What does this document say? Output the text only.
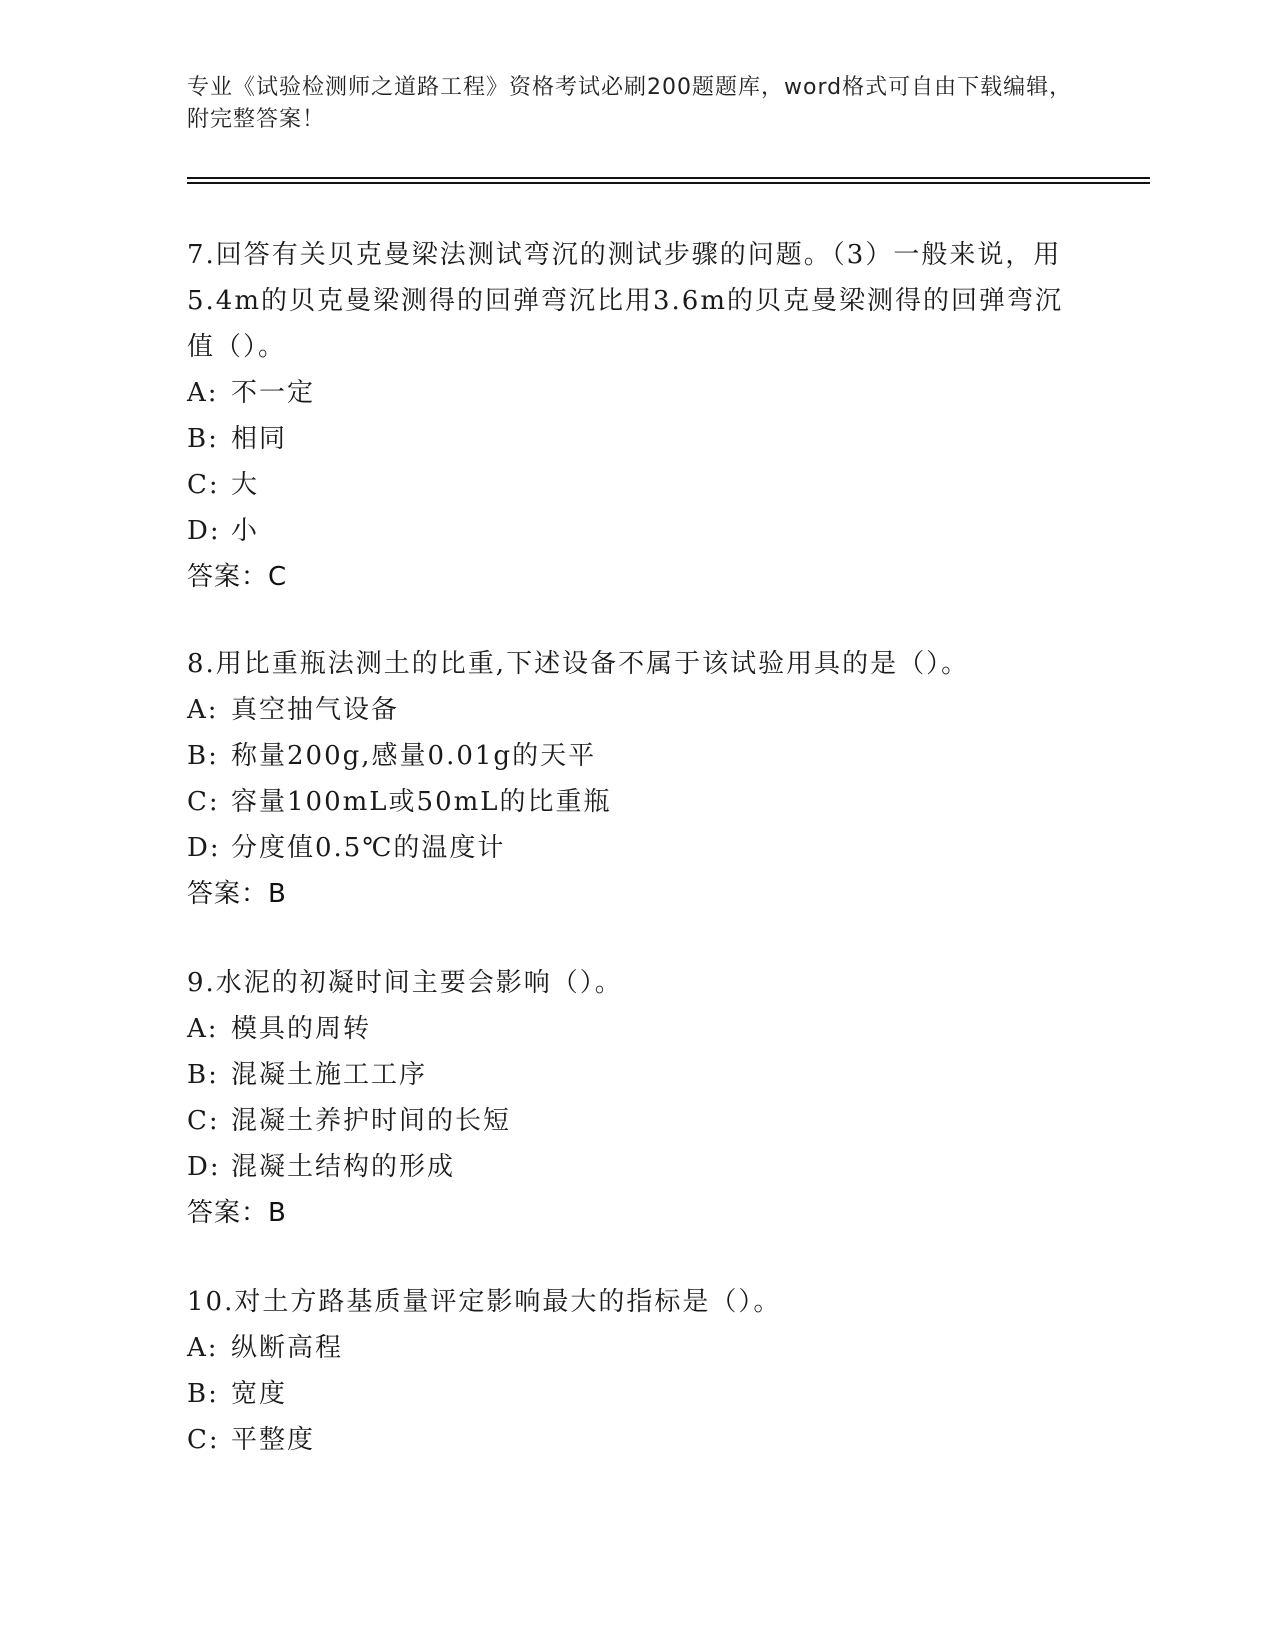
专业《试验检测师之道路工程》资格考试必刷200题题库，word格式可自由下载编辑，附完整答案！

7.回答有关贝克曼梁法测试弯沉的测试步骤的问题。（3）一般来说，用5.4m的贝克曼梁测得的回弹弯沉比用3.6m的贝克曼梁测得的回弹弯沉值（）。

A: 不一定
B: 相同
C: 大
D: 小
答案：C

8.用比重瓶法测土的比重,下述设备不属于该试验用具的是（）。

A: 真空抽气设备
B: 称量200g,感量0.01g的天平
C: 容量100mL或50mL的比重瓶
D: 分度值0.5℃的温度计
答案：B

9.水泥的初凝时间主要会影响（）。

A: 模具的周转
B: 混凝土施工工序
C: 混凝土养护时间的长短
D: 混凝土结构的形成
答案：B

10.对土方路基质量评定影响最大的指标是（）。

A: 纵断高程
B: 宽度
C: 平整度
